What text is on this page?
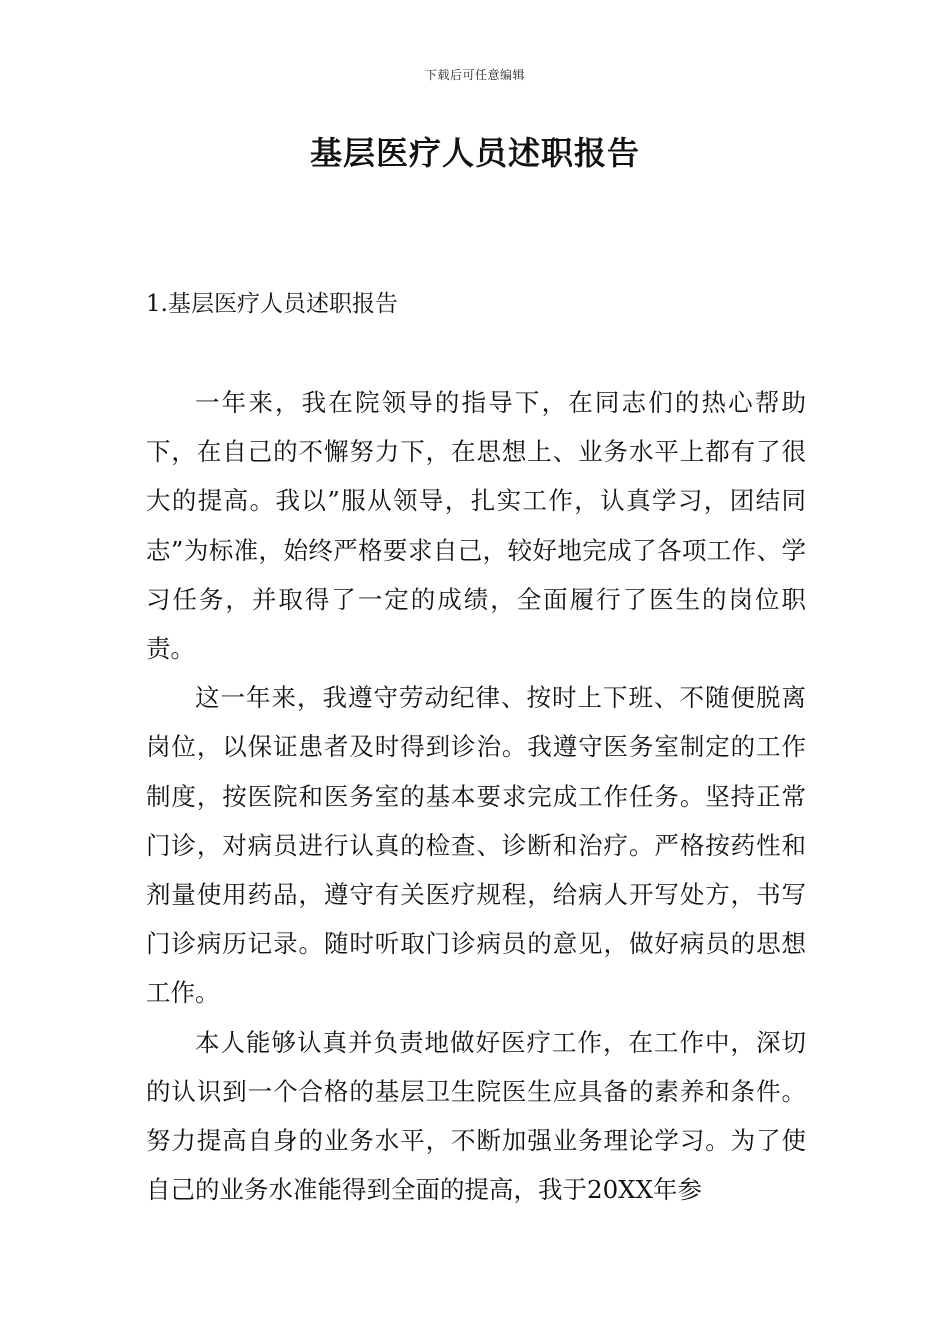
下载后可任意编辑
基层医疗人员述职报告
1.基层医疗人员述职报告

一年来，我在院领导的指导下，在同志们的热心帮助下，在自己的不懈努力下，在思想上、业务水平上都有了很大的提高。我以”服从领导，扎实工作，认真学习，团结同志”为标准，始终严格要求自己，较好地完成了各项工作、学习任务，并取得了一定的成绩，全面履行了医生的岗位职责。

这一年来，我遵守劳动纪律、按时上下班、不随便脱离岗位，以保证患者及时得到诊治。我遵守医务室制定的工作制度，按医院和医务室的基本要求完成工作任务。坚持正常门诊，对病员进行认真的检查、诊断和治疗。严格按药性和剂量使用药品，遵守有关医疗规程，给病人开写处方，书写门诊病历记录。随时听取门诊病员的意见，做好病员的思想工作。

本人能够认真并负责地做好医疗工作，在工作中，深切的认识到一个合格的基层卫生院医生应具备的素养和条件。努力提高自身的业务水平，不断加强业务理论学习。为了使自己的业务水准能得到全面的提高，我于20XX年参
